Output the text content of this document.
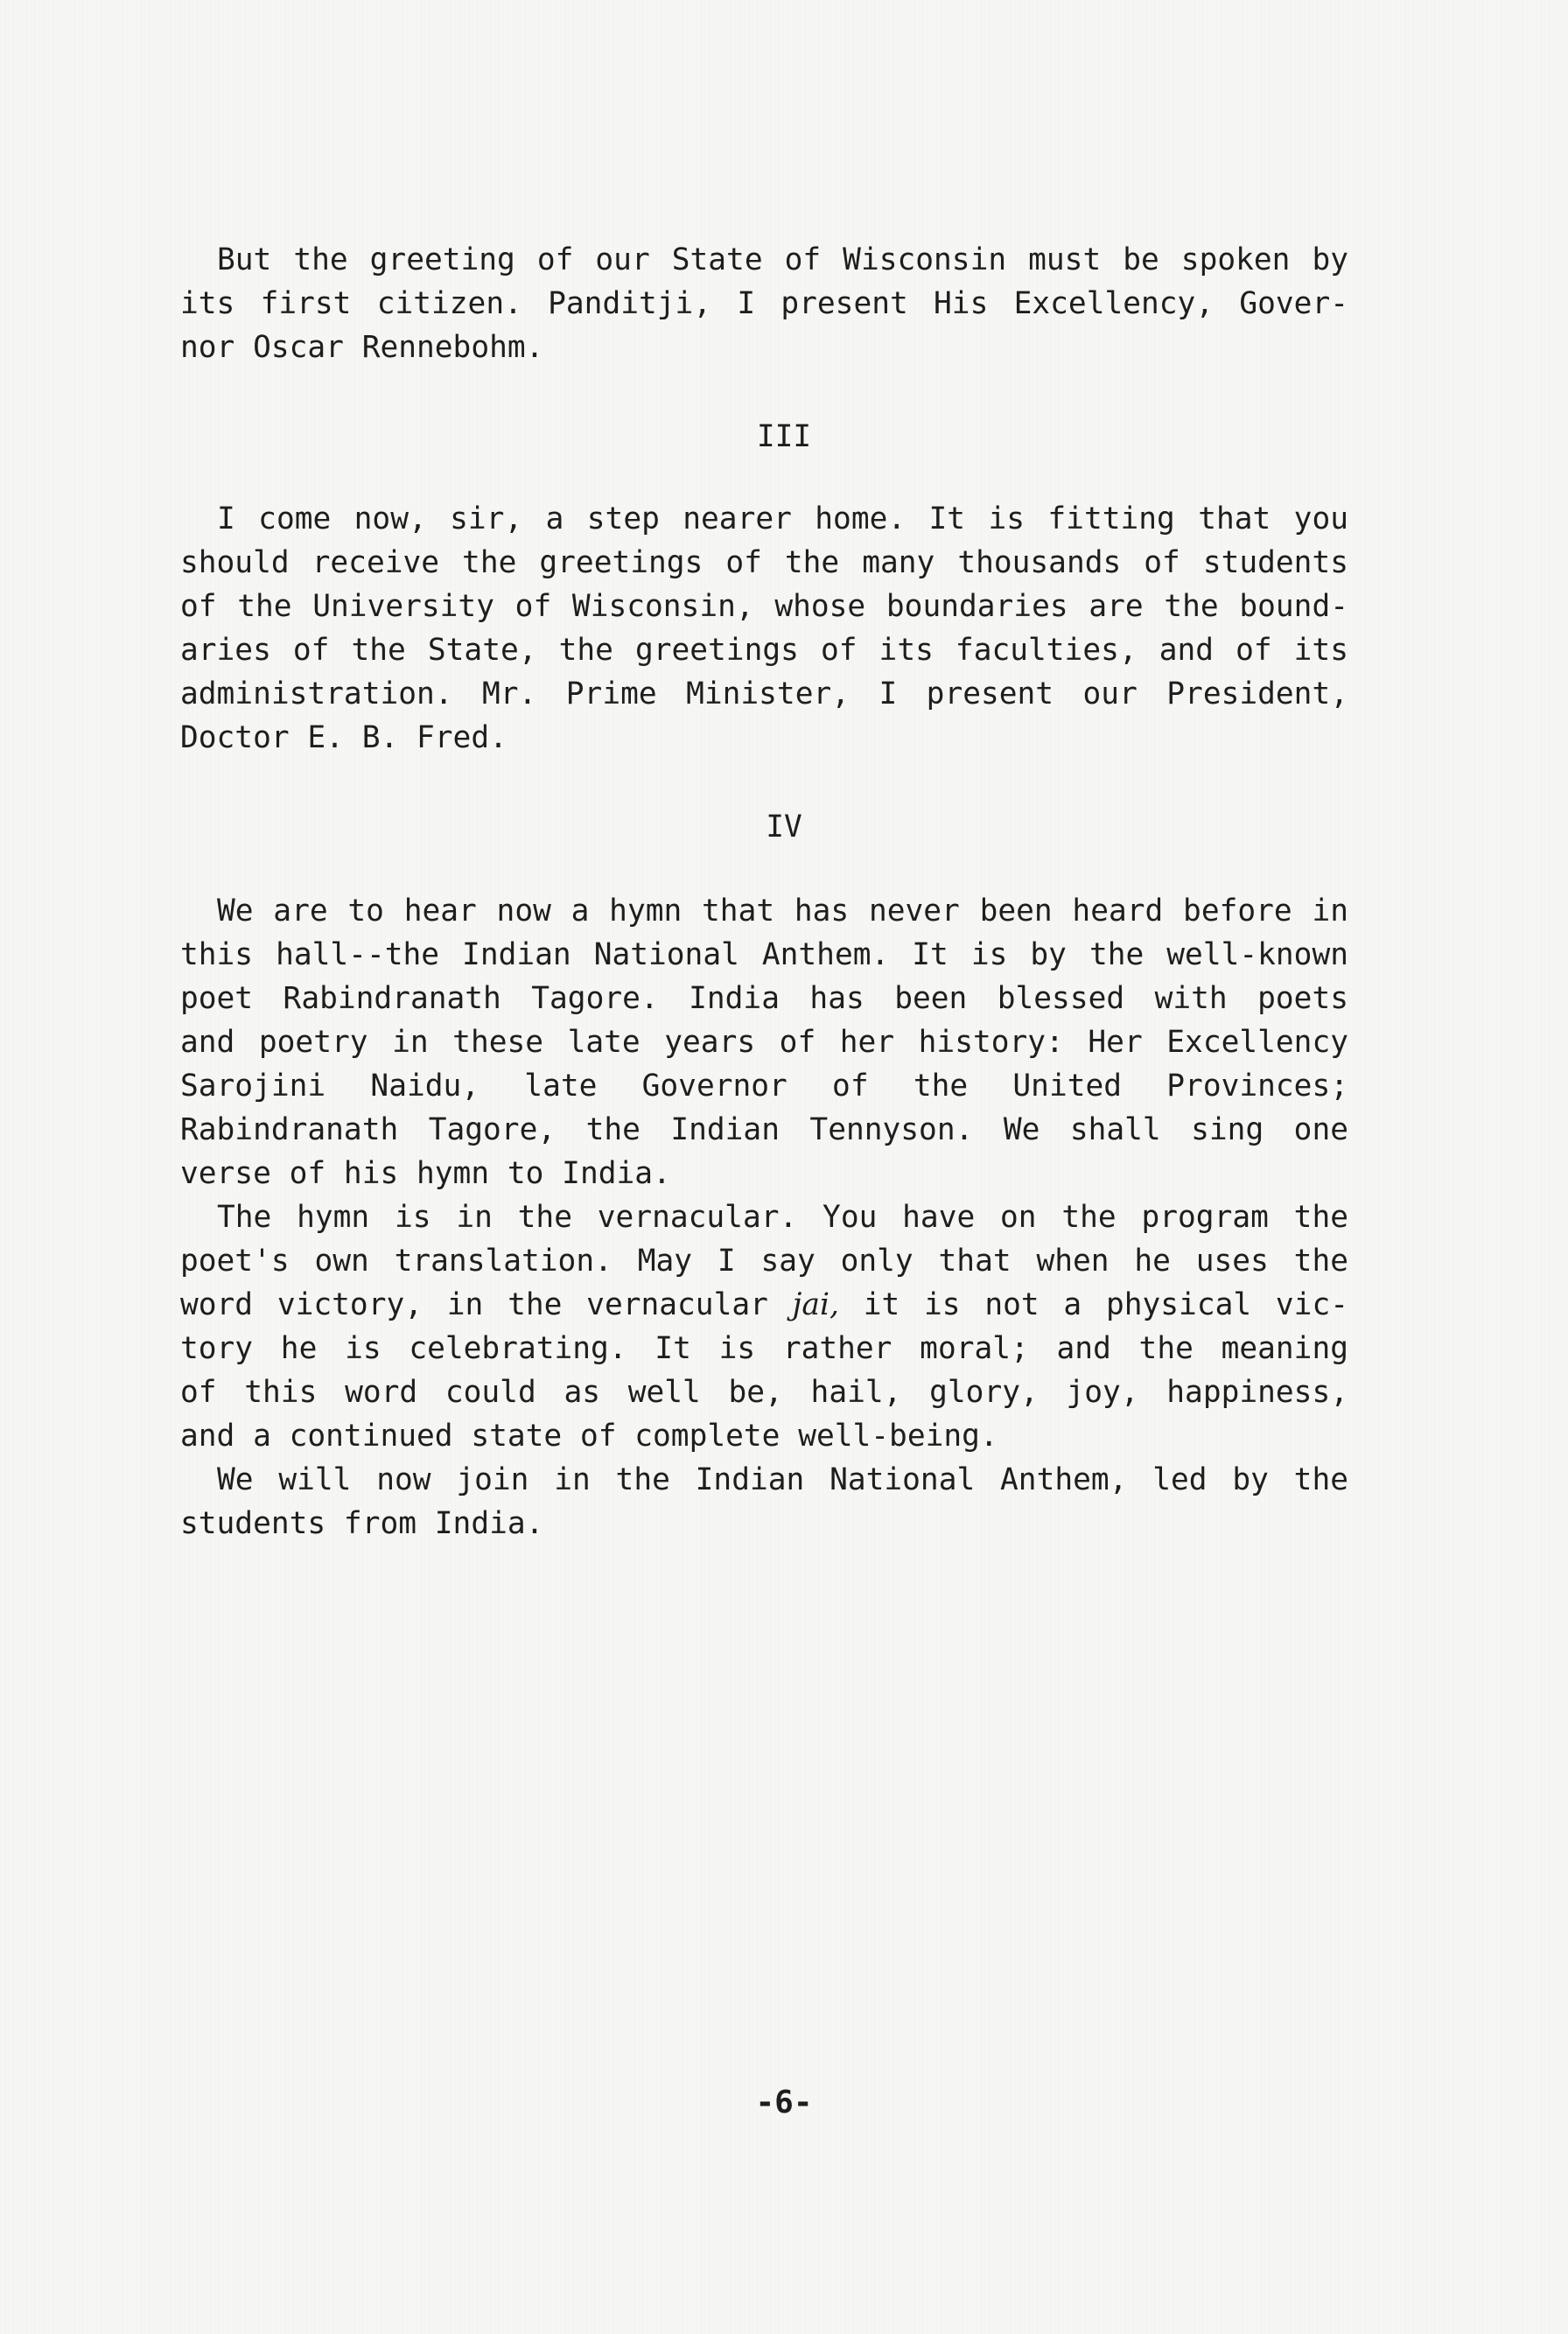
But the greeting of our State of Wisconsin must be spoken by
its first citizen. Panditji, I present His Excellency, Gover-
nor Oscar Rennebohm.
III
I come now, sir, a step nearer home. It is fitting that you
should receive the greetings of the many thousands of students
of the University of Wisconsin, whose boundaries are the bound-
aries of the State, the greetings of its faculties, and of its
administration. Mr. Prime Minister, I present our President,
Doctor E. B. Fred.
IV
We are to hear now a hymn that has never been heard before in
this hall--the Indian National Anthem. It is by the well-known
poet Rabindranath Tagore. India has been blessed with poets
and poetry in these late years of her history: Her Excellency
Sarojini Naidu, late Governor of the United Provinces;
Rabindranath Tagore, the Indian Tennyson. We shall sing one
verse of his hymn to India.
The hymn is in the vernacular. You have on the program the
poet's own translation. May I say only that when he uses the
word victory, in the vernacular jai, it is not a physical vic-
tory he is celebrating. It is rather moral; and the meaning
of this word could as well be, hail, glory, joy, happiness,
and a continued state of complete well-being.
We will now join in the Indian National Anthem, led by the
students from India.
-6-
